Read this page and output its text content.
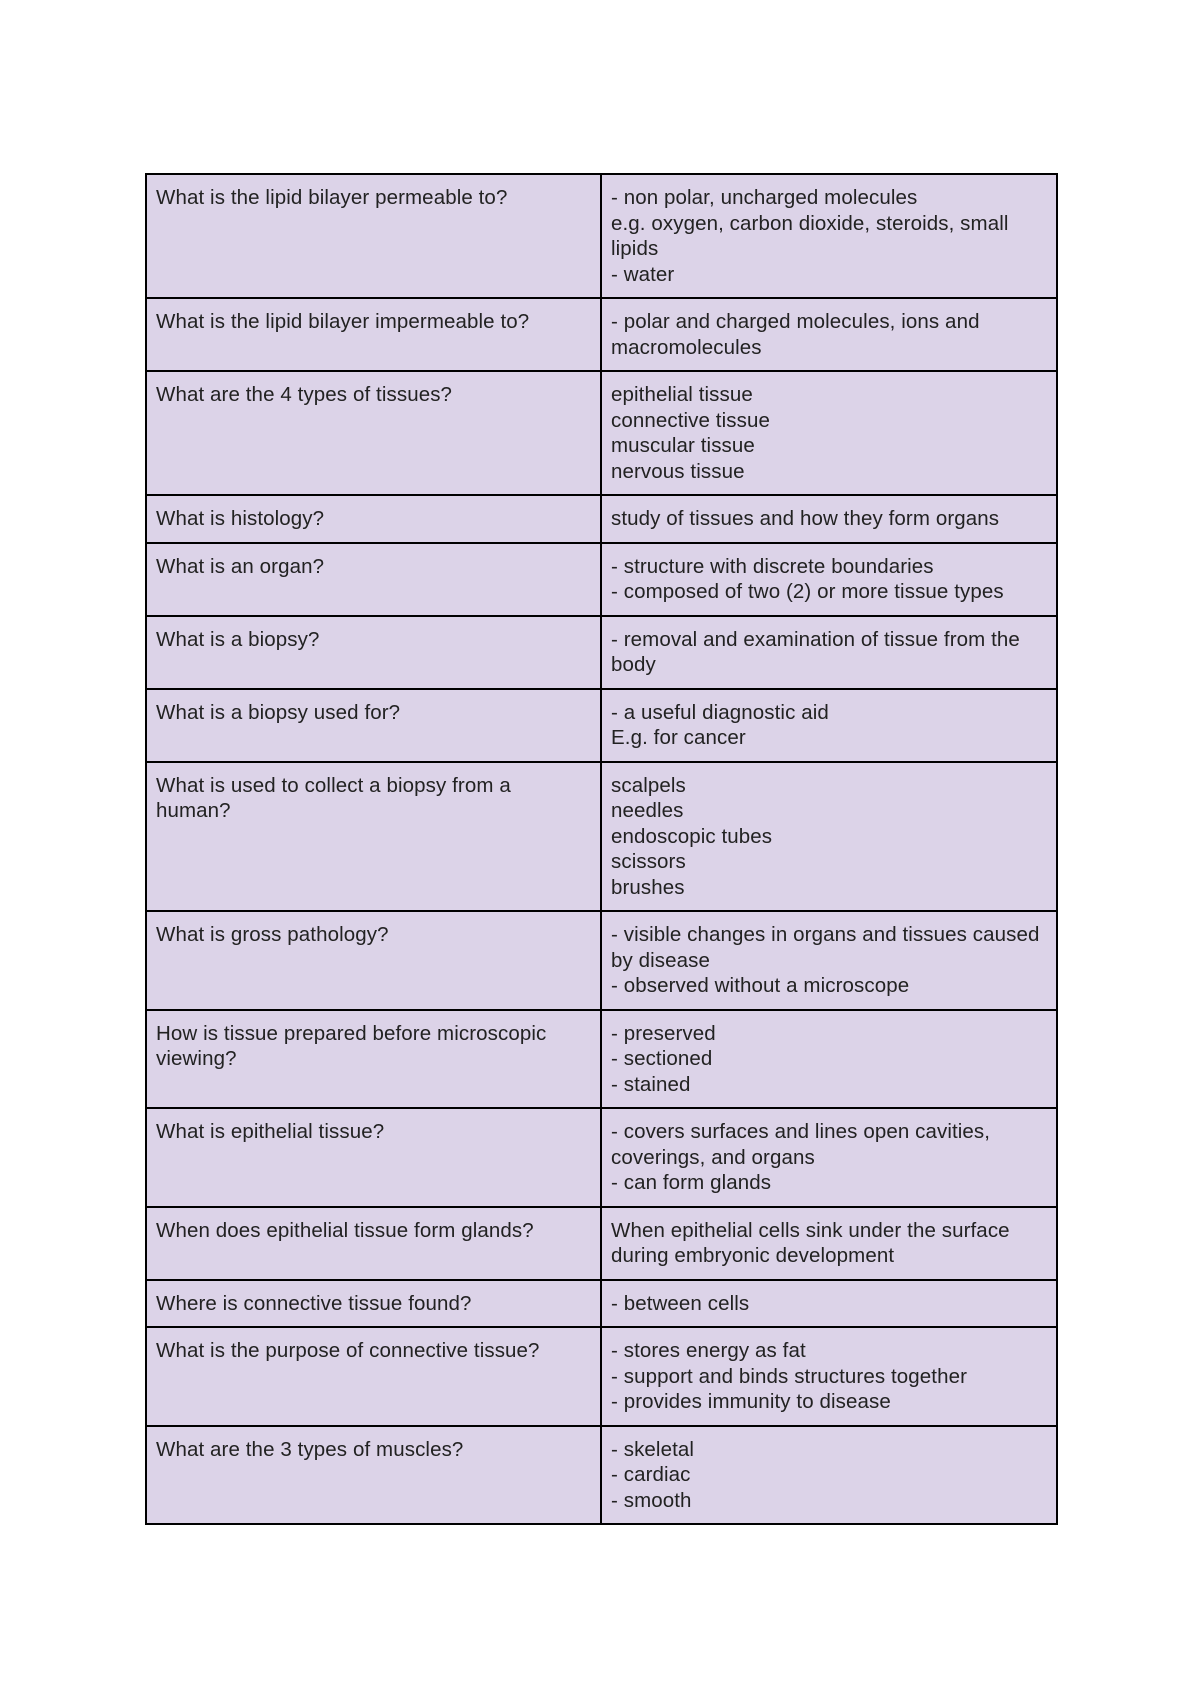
What is the lipid bilayer permeable to?	- non polar, uncharged molecules
e.g. oxygen, carbon dioxide, steroids, small lipids
- water

What is the lipid bilayer impermeable to?	- polar and charged molecules, ions and macromolecules

What are the 4 types of tissues?	epithelial tissue
connective tissue
muscular tissue
nervous tissue

What is histology?	study of tissues and how they form organs

What is an organ?	- structure with discrete boundaries
- composed of two (2) or more tissue types

What is a biopsy?	- removal and examination of tissue from the body

What is a biopsy used for?	- a useful diagnostic aid
E.g. for cancer

What is used to collect a biopsy from a human?	scalpels
needles
endoscopic tubes
scissors
brushes

What is gross pathology?	- visible changes in organs and tissues caused by disease
- observed without a microscope

How is tissue prepared before microscopic viewing?	- preserved
- sectioned
- stained

What is epithelial tissue?	- covers surfaces and lines open cavities, coverings, and organs
- can form glands

When does epithelial tissue form glands?	When epithelial cells sink under the surface during embryonic development

Where is connective tissue found?	- between cells

What is the purpose of connective tissue?	- stores energy as fat
- support and binds structures together
- provides immunity to disease

What are the 3 types of muscles?	- skeletal
- cardiac
- smooth
